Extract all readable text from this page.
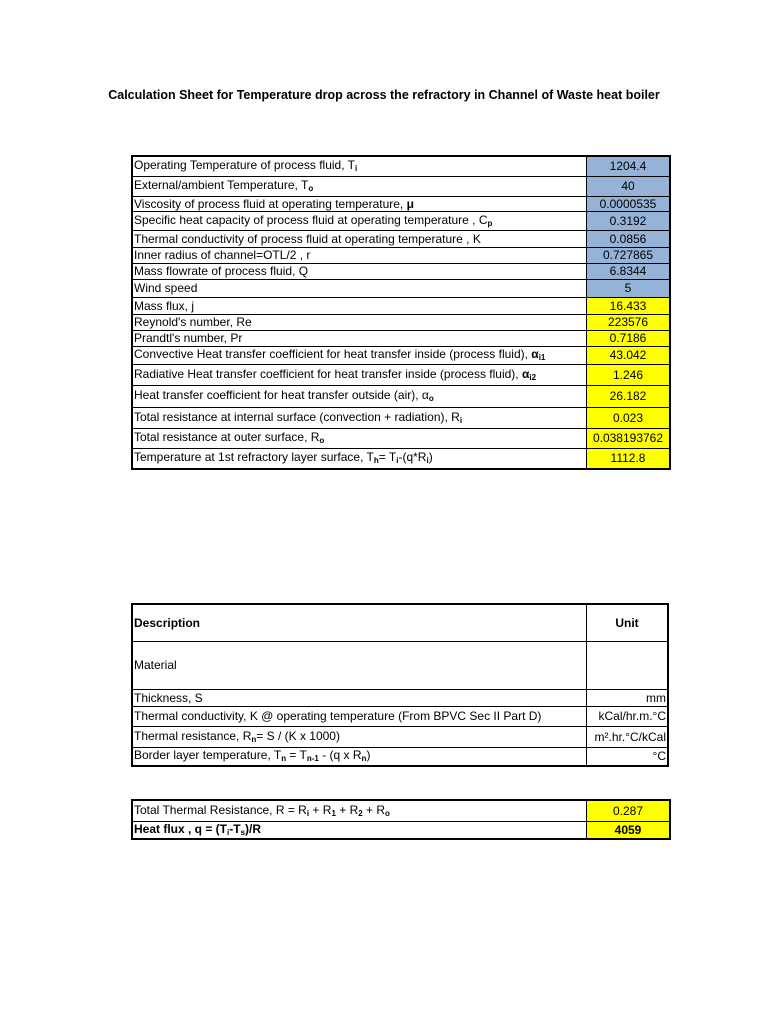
Calculation Sheet for Temperature drop across the refractory in Channel of Waste heat boiler
Operating Temperature of process fluid, $T_i$	1204.4
External/ambient Temperature, $T_o$	40
Viscosity of process fluid at operating temperature, μ	0.0000535
Specific heat capacity of process fluid at operating temperature , $C_p$	0.3192
Thermal conductivity of process fluid at operating temperature , K	0.0856
Inner radius of channel=OTL/2 , r	0.727865
Mass flowrate of process fluid, Q	6.8344
Wind speed	5
Mass flux, j	16.433
Reynold's number, Re	223576
Prandtl's number, Pr	0.7186
Convective Heat transfer coefficient for heat transfer inside (process fluid), $\alpha_{i1}$	43.042
Radiative Heat transfer coefficient for heat transfer inside (process fluid), $\alpha_{i2}$	1.246
Heat transfer coefficient for heat transfer outside (air), $\alpha_o$	26.182
Total resistance at internal surface (convection + radiation), $R_i$	0.023
Total resistance at outer surface, $R_o$	0.038193762
Temperature at 1st refractory layer surface, $T_h= T_i-(q*R_i)$	1112.8
Description	Unit
Material	
Thickness, S	mm
Thermal conductivity, K @ operating temperature (From BPVC Sec II Part D)	kCal/hr.m.°C
Thermal resistance, $R_n= S / (K$ x 1000)	m².hr.°C/kCal
Border layer temperature, $T_n = T_{n-1} - (q$ x $R_n$)	°C
Total Thermal Resistance, $R = R_i + R_1 + R_2 + R_o$	0.287
Heat flux , $q = (T_i-T_s)/R$	4059
